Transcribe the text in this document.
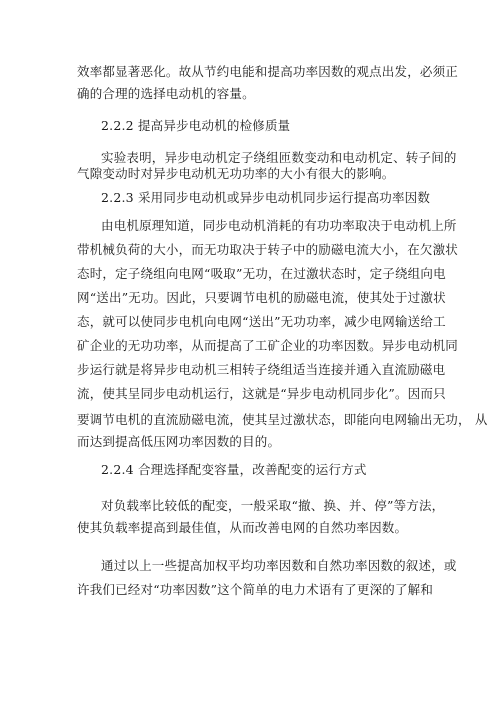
效率都显著恶化。故从节约电能和提高功率因数的观点出发，必须正
确的合理的选择电动机的容量。
2.2.2 提高异步电动机的检修质量
实验表明，异步电动机定子绕组匝数变动和电动机定、转子间的
气隙变动时对异步电动机无功功率的大小有很大的影响。
2.2.3 采用同步电动机或异步电动机同步运行提高功率因数
由电机原理知道，同步电动机消耗的有功功率取决于电动机上所
带机械负荷的大小，而无功取决于转子中的励磁电流大小，在欠激状
态时，定子绕组向电网“吸取”无功，在过激状态时，定子绕组向电
网“送出”无功。因此，只要调节电机的励磁电流，使其处于过激状
态，就可以使同步电机向电网“送出”无功功率，减少电网输送给工
矿企业的无功功率，从而提高了工矿企业的功率因数。异步电动机同
步运行就是将异步电动机三相转子绕组适当连接并通入直流励磁电
流，使其呈同步电动机运行，这就是“异步电动机同步化”。因而只
要调节电机的直流励磁电流，使其呈过激状态，即能向电网输出无功， 从
而达到提高低压网功率因数的目的。
2.2.4 合理选择配变容量，改善配变的运行方式
对负载率比较低的配变，一般采取“撤、换、并、停”等方法，
使其负载率提高到最佳值，从而改善电网的自然功率因数。
通过以上一些提高加权平均功率因数和自然功率因数的叙述，或
许我们已经对“功率因数”这个简单的电力术语有了更深的了解和
